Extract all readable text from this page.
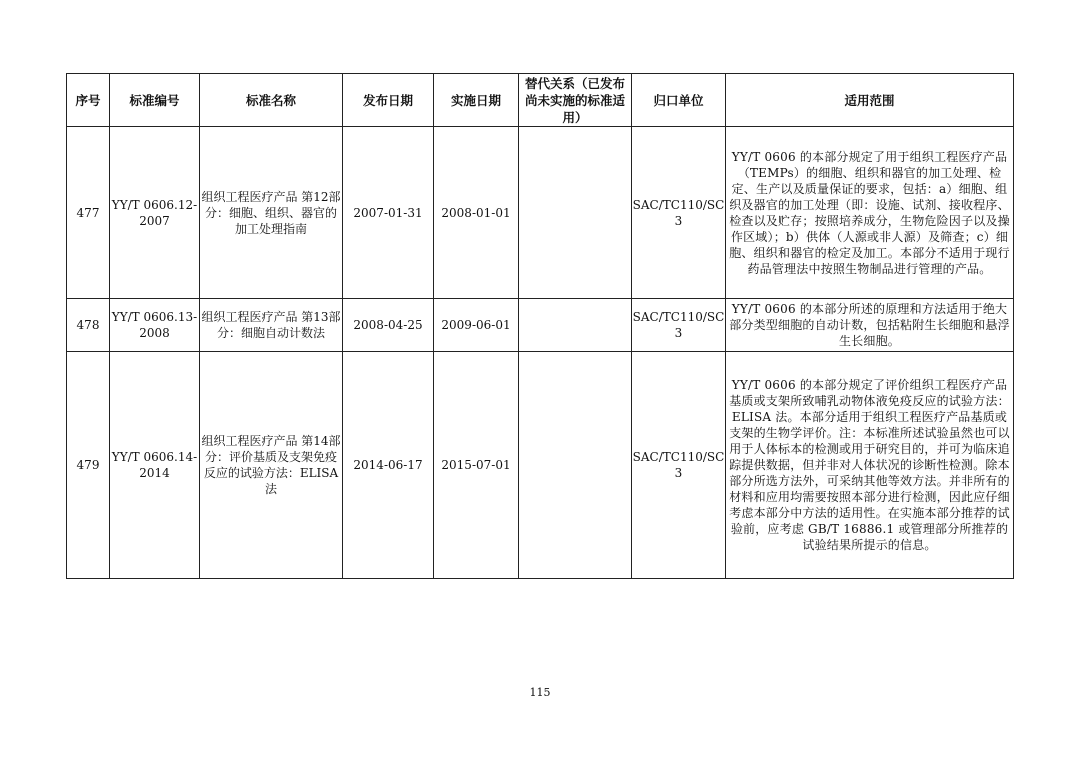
序号	标准编号	标准名称	发布日期	实施日期	替代关系（已发布尚未实施的标准适用）	归口单位	适用范围
477	YY/T 0606.12-2007	组织工程医疗产品 第12部分：细胞、组织、器官的加工处理指南	2007-01-31	2008-01-01		SAC/TC110/SC3	YY/T 0606 的本部分规定了用于组织工程医疗产品（TEMPs）的细胞、组织和器官的加工处理、检定、生产以及质量保证的要求，包括：a）细胞、组织及器官的加工处理（即：设施、试剂、接收程序、检查以及贮存；按照培养成分，生物危险因子以及操作区域）；b）供体（人源或非人源）及筛查；c）细胞、组织和器官的检定及加工。本部分不适用于现行药品管理法中按照生物制品进行管理的产品。
478	YY/T 0606.13-2008	组织工程医疗产品 第13部分：细胞自动计数法	2008-04-25	2009-06-01		SAC/TC110/SC3	YY/T 0606 的本部分所述的原理和方法适用于绝大部分类型细胞的自动计数，包括粘附生长细胞和悬浮生长细胞。
479	YY/T 0606.14-2014	组织工程医疗产品 第14部分：评价基质及支架免疫反应的试验方法：ELISA 法	2014-06-17	2015-07-01		SAC/TC110/SC3	YY/T 0606 的本部分规定了评价组织工程医疗产品基质或支架所致哺乳动物体液免疫反应的试验方法：ELISA 法。本部分适用于组织工程医疗产品基质或支架的生物学评价。注：本标准所述试验虽然也可以用于人体标本的检测或用于研究目的，并可为临床追踪提供数据，但并非对人体状况的诊断性检测。除本部分所选方法外，可采纳其他等效方法。并非所有的材料和应用均需要按照本部分进行检测，因此应仔细考虑本部分中方法的适用性。在实施本部分推荐的试验前，应考虑 GB/T 16886.1 或管理部分所推荐的试验结果所提示的信息。
115
